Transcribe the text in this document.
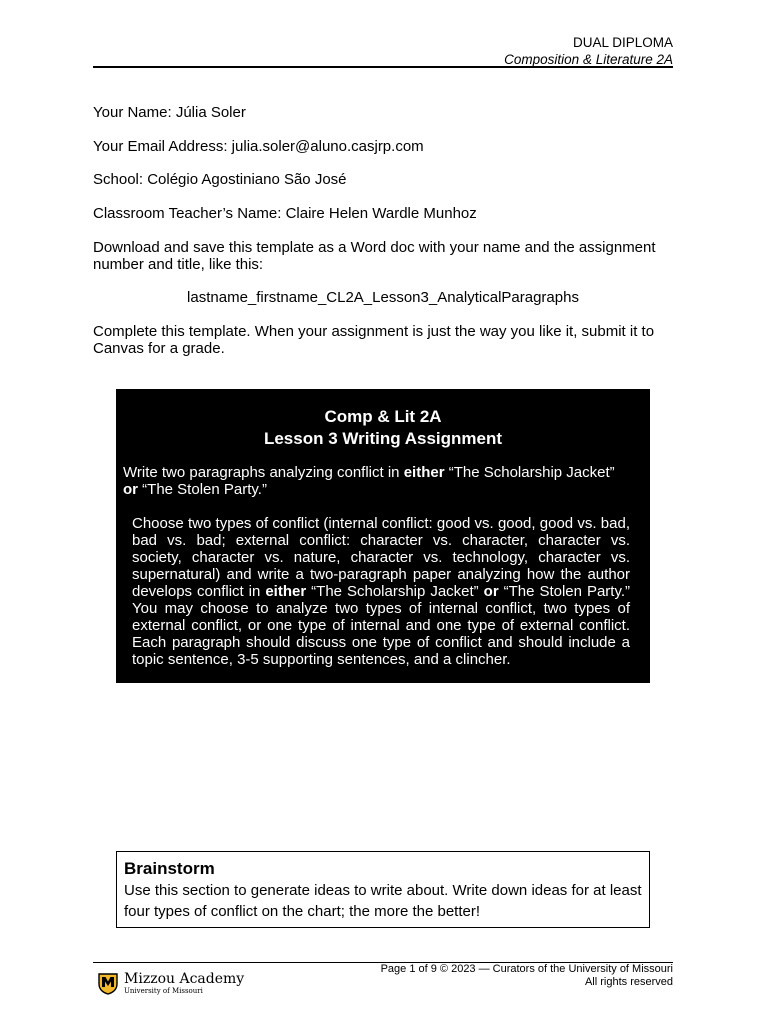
DUAL DIPLOMA
Composition & Literature 2A
Your Name: Júlia Soler
Your Email Address: julia.soler@aluno.casjrp.com
School: Colégio Agostiniano São José
Classroom Teacher’s Name: Claire Helen Wardle Munhoz
Download and save this template as a Word doc with your name and the assignment number and title, like this:
lastname_firstname_CL2A_Lesson3_AnalyticalParagraphs
Complete this template. When your assignment is just the way you like it, submit it to Canvas for a grade.
Comp & Lit 2A
Lesson 3 Writing Assignment
Write two paragraphs analyzing conflict in either “The Scholarship Jacket”
or “The Stolen Party.”
Choose two types of conflict (internal conflict: good vs. good, good vs. bad, bad vs. bad; external conflict: character vs. character, character vs. society, character vs. nature, character vs. technology, character vs. supernatural) and write a two-paragraph paper analyzing how the author develops conflict in either “The Scholarship Jacket” or “The Stolen Party.” You may choose to analyze two types of internal conflict, two types of external conflict, or one type of internal and one type of external conflict. Each paragraph should discuss one type of conflict and should include a topic sentence, 3-5 supporting sentences, and a clincher.
Brainstorm
Use this section to generate ideas to write about. Write down ideas for at least four types of conflict on the chart; the more the better!
Mizzou Academy
University of Missouri
Page 1 of 9 © 2023 — Curators of the University of Missouri
All rights reserved
